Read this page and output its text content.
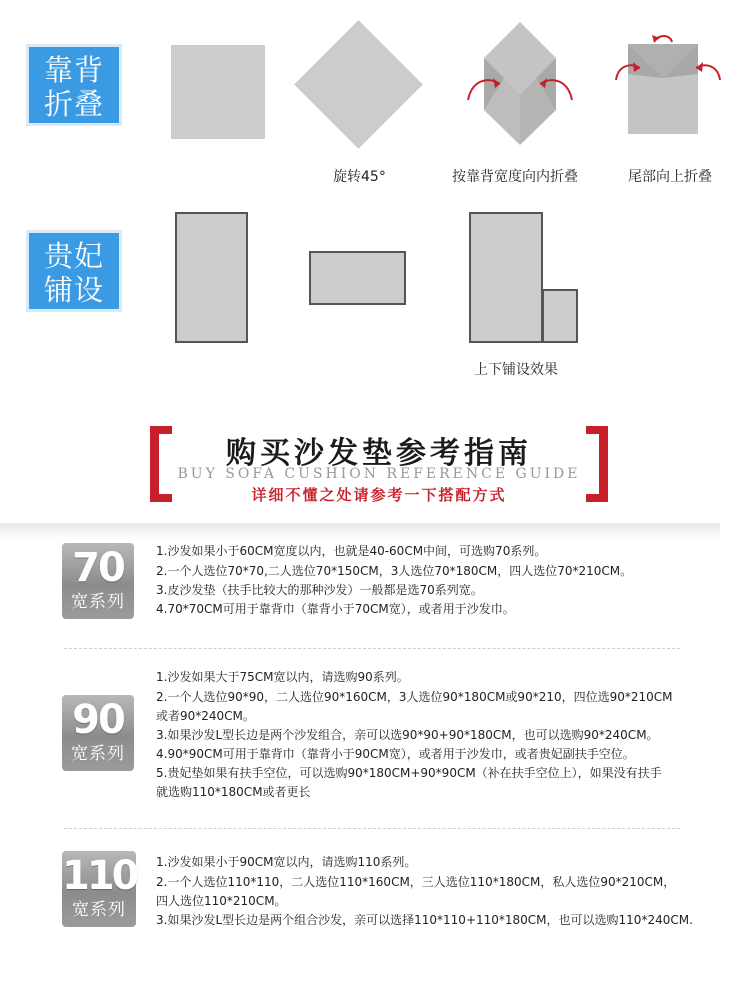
靠背
折叠
旋转45°	按靠背宽度向内折叠	尾部向上折叠
贵妃
铺设
上下铺设效果
购买沙发垫参考指南
BUY SOFA CUSHION REFERENCE GUIDE
详细不懂之处请参考一下搭配方式
70
宽系列
1.沙发如果小于60CM宽度以内，也就是40-60CM中间，可选购70系列。
2.一个人选位70*70,二人选位70*150CM，3人选位70*180CM，四人选位70*210CM。
3.皮沙发垫（扶手比较大的那种沙发）一般都是选70系列宽。
4.70*70CM可用于靠背巾（靠背小于70CM宽），或者用于沙发巾。
90
宽系列
1.沙发如果大于75CM宽以内，请选购90系列。
2.一个人选位90*90，二人选位90*160CM，3人选位90*180CM或90*210，四位选90*210CM
或者90*240CM。
3.如果沙发L型长边是两个沙发组合，亲可以选90*90+90*180CM，也可以选购90*240CM。
4.90*90CM可用于靠背巾（靠背小于90CM宽），或者用于沙发巾，或者贵妃副扶手空位。
5.贵妃垫如果有扶手空位，可以选购90*180CM+90*90CM（补在扶手空位上），如果没有扶手
就选购110*180CM或者更长
110
宽系列
1.沙发如果小于90CM宽以内，请选购110系列。
2.一个人选位110*110，二人选位110*160CM，三人选位110*180CM，私人选位90*210CM，
四人选位110*210CM。
3.如果沙发L型长边是两个组合沙发，亲可以选择110*110+110*180CM，也可以选购110*240CM.
